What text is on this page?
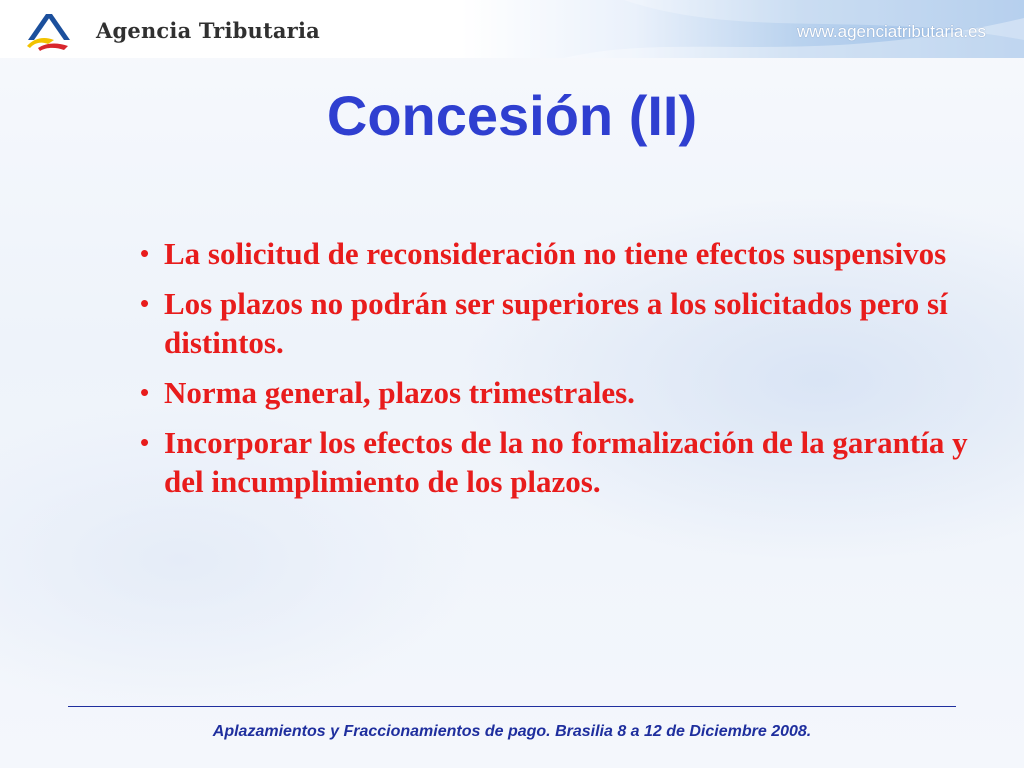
Agencia Tributaria	www.agenciatributaria.es
Concesión (II)
• La solicitud de reconsideración no tiene efectos suspensivos
• Los plazos no podrán ser superiores a los solicitados pero sí distintos.
• Norma general, plazos trimestrales.
• Incorporar los efectos de la no formalización de la garantía y del incumplimiento de los plazos.
Aplazamientos y Fraccionamientos de pago. Brasilia 8 a 12 de Diciembre 2008.
